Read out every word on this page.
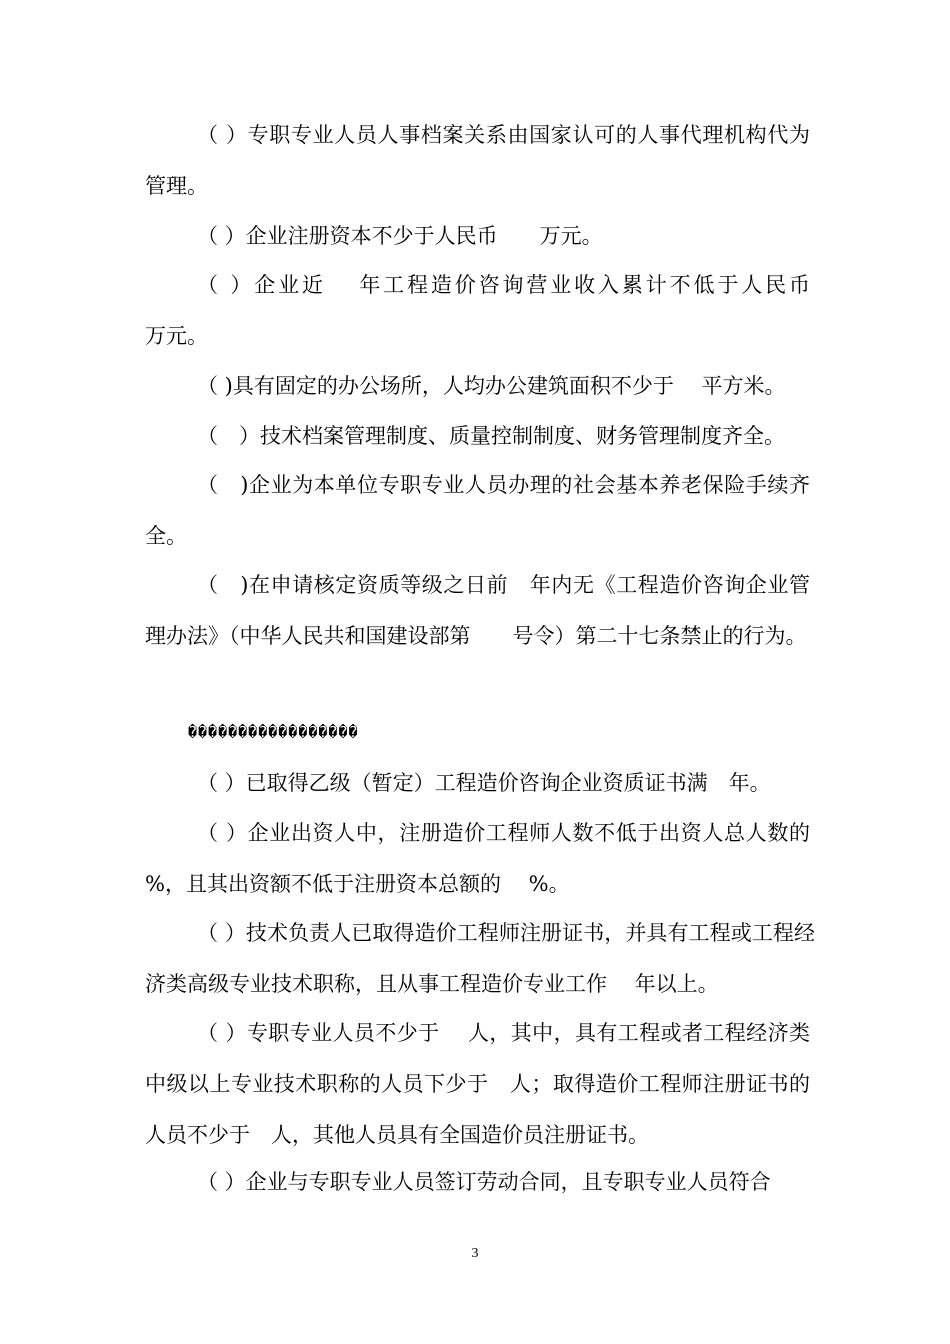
（ ）专职专业人员人事档案关系由国家认可的人事代理机构代为管理。

（ ）企业注册资本不少于人民币　　万元。

（ ）企业近　 年工程造价咨询营业收入累计不低于人民币　　　万元。

（ )具有固定的办公场所，人均办公建筑面积不少于　 平方米。

（　）技术档案管理制度、质量控制制度、财务管理制度齐全。

（　)企业为本单位专职专业人员办理的社会基本养老保险手续齐全。

（　)在申请核定资质等级之日前　年内无《工程造价咨询企业管理办法》（中华人民共和国建设部第　　号令）第二十七条禁止的行为。

�����������������

（ ）已取得乙级（暂定）工程造价咨询企业资质证书满　年。

（ ）企业出资人中，注册造价工程师人数不低于出资人总人数的　 %，且其出资额不低于注册资本总额的　 %。

（ ）技术负责人已取得造价工程师注册证书，并具有工程或工程经济类高级专业技术职称，且从事工程造价专业工作　 年以上。

（ ）专职专业人员不少于　 人，其中，具有工程或者工程经济类中级以上专业技术职称的人员下少于　人；取得造价工程师注册证书的人员不少于　人，其他人员具有全国造价员注册证书。

（ ）企业与专职专业人员签订劳动合同，且专职专业人员符合

3
